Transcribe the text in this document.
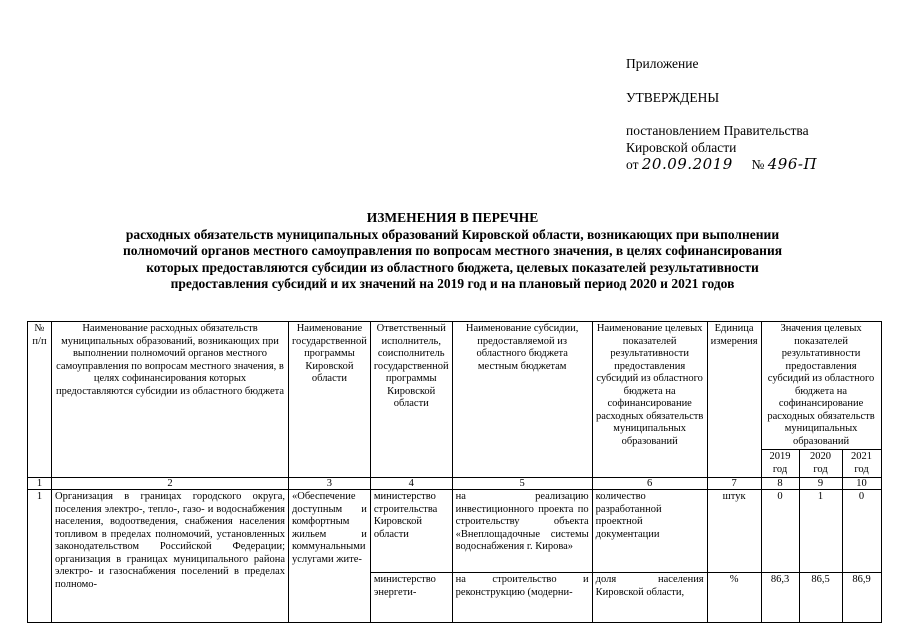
Приложение
УТВЕРЖДЕНЫ
постановлением Правительства
Кировской области
от 20.09.2019 № 496-П
ИЗМЕНЕНИЯ В ПЕРЕЧНЕ
расходных обязательств муниципальных образований Кировской области, возникающих при выполнении
полномочий органов местного самоуправления по вопросам местного значения, в целях софинансирования
которых предоставляются субсидии из областного бюджета, целевых показателей результативности
предоставления субсидий и их значений на 2019 год и на плановый период 2020 и 2021 годов
№ п/п	Наименование расходных обязательств муниципальных образований, возникающих при выполнении полномочий органов местного самоуправления по вопросам местного значения, в целях софинансирования которых предоставляются субсидии из областного бюджета	Наименование государственной программы Кировской области	Ответственный исполнитель, соисполнитель государственной программы Кировской области	Наименование субсидии, предоставляемой из областного бюджета местным бюджетам	Наименование целевых показателей результативности предоставления субсидий из областного бюджета на софинансирование расходных обязательств муниципальных образований	Единица измерения	Значения целевых показателей результативности предоставления субсидий из областного бюджета на софинансирование расходных обязательств муниципальных образований		
							2019 год	2020 год	2021 год
1	2	3	4	5	6	7	8	9	10
1	Организация в границах городского округа, поселения электро-, тепло-, газо- и водоснабжения населения, водоотведения, снабжения населения топливом в пределах полномочий, установленных законодательством Российской Федерации; организация в границах муниципального района электро- и газоснабжения поселений в пределах полномо-	«Обеспечение доступным и комфортным жильем и коммунальными услугами жите-	министерство строительства Кировской области	на реализацию инвестиционного проекта по строительству объекта «Внеплощадочные системы водоснабжения г. Кирова»	количество разработанной проектной документации	штук	0	1	0
			министерство энергети-	на строительство и реконструкцию (модерни-	доля населения Кировской области,	%	86,3	86,5	86,9
